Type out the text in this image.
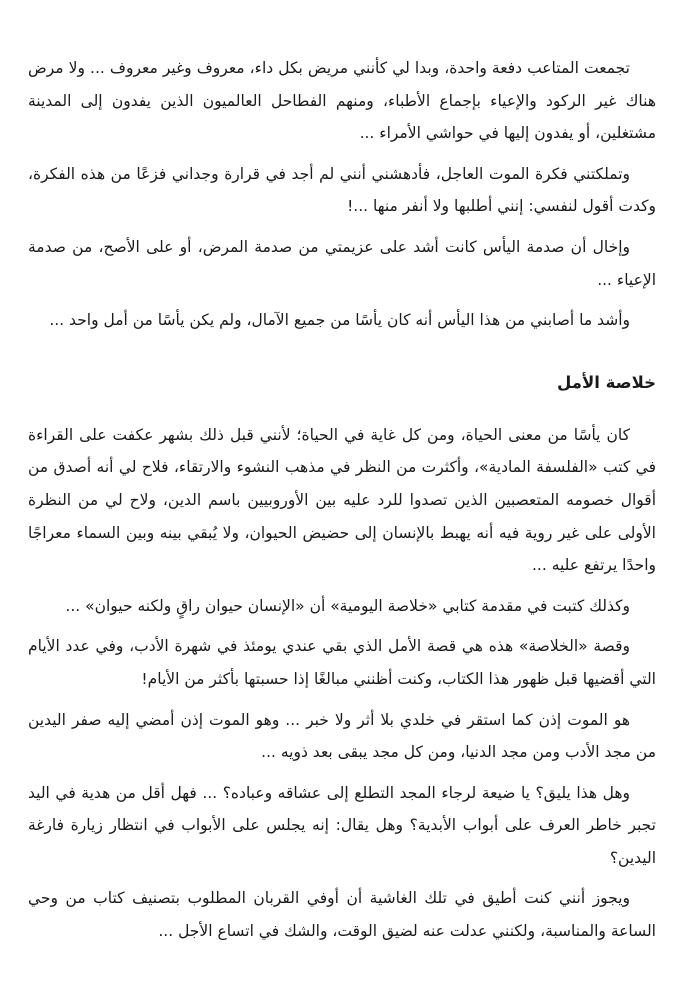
تجمعت المتاعب دفعة واحدة، وبدا لي كأنني مريض بكل داء، معروف وغير معروف ... ولا مرض هناك غير الركود والإعياء بإجماع الأطباء، ومنهم الفطاحل العالميون الذين يفدون إلى المدينة مشتغلين، أو يفدون إليها في حواشي الأمراء ...

وتملكتني فكرة الموت العاجل، فأدهشني أنني لم أجد في قرارة وجداني فزعًا من هذه الفكرة، وكدت أقول لنفسي: إنني أطلبها ولا أنفر منها ...!

وإخال أن صدمة اليأس كانت أشد على عزيمتي من صدمة المرض، أو على الأصح، من صدمة الإعياء ...

وأشد ما أصابني من هذا اليأس أنه كان يأسًا من جميع الآمال، ولم يكن يأسًا من أمل واحد ...

خلاصة الأمل

كان يأسًا من معنى الحياة، ومن كل غاية في الحياة؛ لأنني قبل ذلك بشهر عكفت على القراءة في كتب «الفلسفة المادية»، وأكثرت من النظر في مذهب النشوء والارتقاء، فلاح لي أنه أصدق من أقوال خصومه المتعصبين الذين تصدوا للرد عليه بين الأوروبيين باسم الدين، ولاح لي من النظرة الأولى على غير روية فيه أنه يهبط بالإنسان إلى حضيض الحيوان، ولا يُبقي بينه وبين السماء معراجًا واحدًا يرتفع عليه ...

وكذلك كتبت في مقدمة كتابي «خلاصة اليومية» أن «الإنسان حيوان راقٍ ولكنه حيوان» ...

وقصة «الخلاصة» هذه هي قصة الأمل الذي بقي عندي يومئذ في شهرة الأدب، وفي عدد الأيام التي أقضيها قبل ظهور هذا الكتاب، وكنت أظنني مبالغًا إذا حسبتها بأكثر من الأيام!

هو الموت إذن كما استقر في خلدي بلا أثر ولا خبر ... وهو الموت إذن أمضي إليه صفر اليدين من مجد الأدب ومن مجد الدنيا، ومن كل مجد يبقى بعد ذويه ...

وهل هذا يليق؟ يا ضيعة لرجاء المجد التطلع إلى عشاقه وعباده؟ ... فهل أقل من هدية في اليد تجبر خاطر العرف على أبواب الأبدية؟ وهل يقال: إنه يجلس على الأبواب في انتظار زيارة فارغة اليدين؟

ويجوز أنني كنت أطيق في تلك الغاشية أن أوفي القربان المطلوب بتصنيف كتاب من وحي الساعة والمناسبة، ولكنني عدلت عنه لضيق الوقت، والشك في اتساع الأجل ...
